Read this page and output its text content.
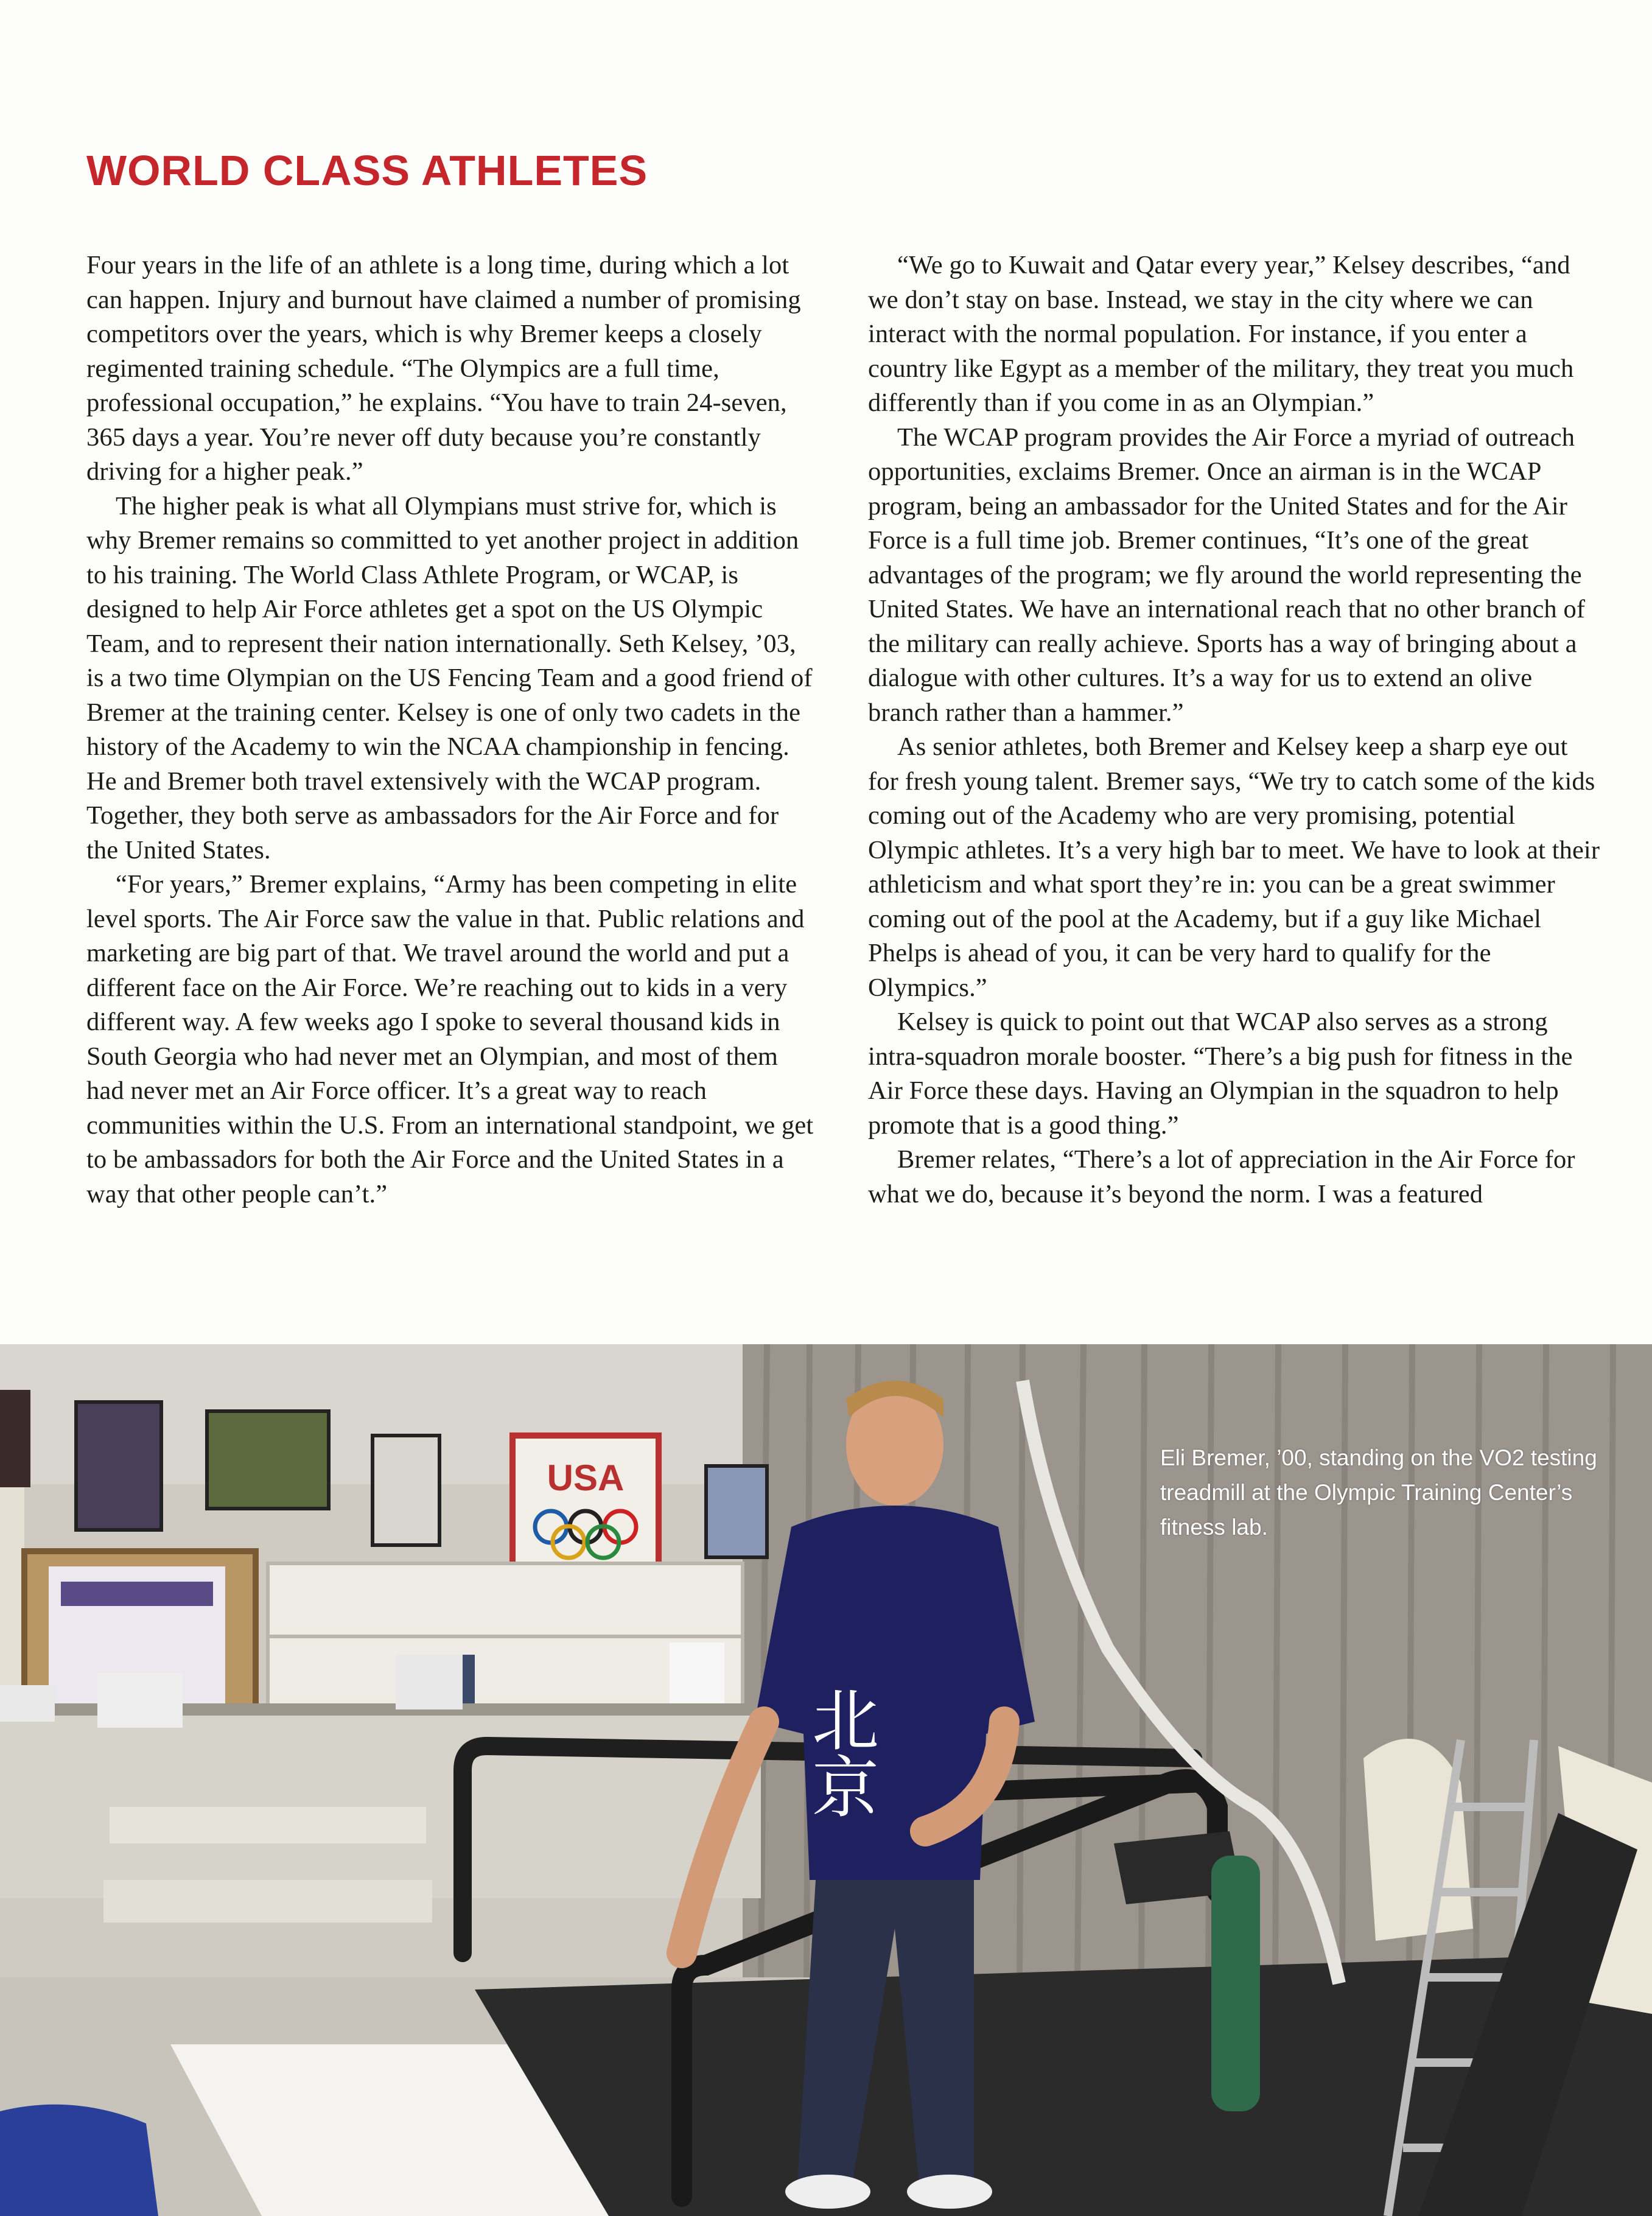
WORLD CLASS ATHLETES

Four years in the life of an athlete is a long time, during which a lot can happen. Injury and burnout have claimed a number of promising competitors over the years, which is why Bremer keeps a closely regimented training schedule. “The Olympics are a full time, professional occupation,” he explains. “You have to train 24-seven, 365 days a year. You’re never off duty because you’re constantly driving for a higher peak.”

The higher peak is what all Olympians must strive for, which is why Bremer remains so committed to yet another project in addition to his training. The World Class Athlete Program, or WCAP, is designed to help Air Force athletes get a spot on the US Olympic Team, and to represent their nation internationally. Seth Kelsey, ’03, is a two time Olympian on the US Fencing Team and a good friend of Bremer at the training center. Kelsey is one of only two cadets in the history of the Academy to win the NCAA championship in fencing. He and Bremer both travel extensively with the WCAP program. Together, they both serve as ambassadors for the Air Force and for the United States.

“For years,” Bremer explains, “Army has been competing in elite level sports. The Air Force saw the value in that. Public relations and marketing are big part of that. We travel around the world and put a different face on the Air Force. We’re reaching out to kids in a very different way. A few weeks ago I spoke to several thousand kids in South Georgia who had never met an Olympian, and most of them had never met an Air Force officer. It’s a great way to reach communities within the U.S. From an international standpoint, we get to be ambassadors for both the Air Force and the United States in a way that other people can’t.”

“We go to Kuwait and Qatar every year,” Kelsey describes, “and we don’t stay on base. Instead, we stay in the city where we can interact with the normal population. For instance, if you enter a country like Egypt as a member of the military, they treat you much differently than if you come in as an Olympian.”

The WCAP program provides the Air Force a myriad of outreach opportunities, exclaims Bremer. Once an airman is in the WCAP program, being an ambassador for the United States and for the Air Force is a full time job. Bremer continues, “It’s one of the great advantages of the program; we fly around the world representing the United States. We have an international reach that no other branch of the military can really achieve. Sports has a way of bringing about a dialogue with other cultures. It’s a way for us to extend an olive branch rather than a hammer.”

As senior athletes, both Bremer and Kelsey keep a sharp eye out for fresh young talent. Bremer says, “We try to catch some of the kids coming out of the Academy who are very promising, potential Olympic athletes. It’s a very high bar to meet. We have to look at their athleticism and what sport they’re in: you can be a great swimmer coming out of the pool at the Academy, but if a guy like Michael Phelps is ahead of you, it can be very hard to qualify for the Olympics.”

Kelsey is quick to point out that WCAP also serves as a strong intra-squadron morale booster. “There’s a big push for fitness in the Air Force these days. Having an Olympian in the squadron to help promote that is a good thing.”

Bremer relates, “There’s a lot of appreciation in the Air Force for what we do, because it’s beyond the norm. I was a featured

USA
北京
Eli Bremer, ’00, standing on the VO2 testing treadmill at the Olympic Training Center’s fitness lab.
